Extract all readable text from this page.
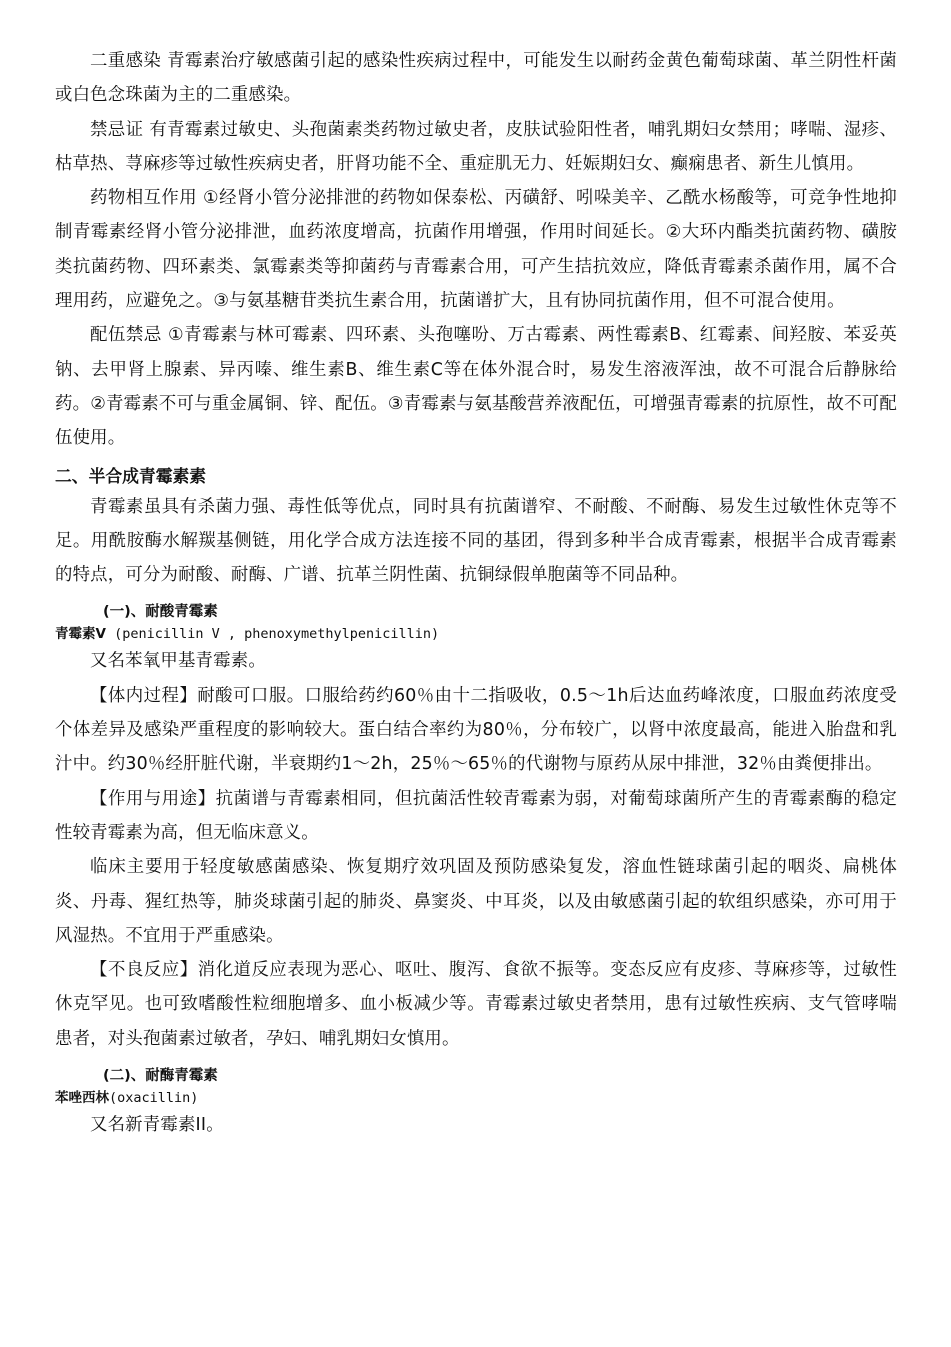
二重感染 青霉素治疗敏感菌引起的感染性疾病过程中，可能发生以耐药金黄色葡萄球菌、革兰阴性杆菌或白色念珠菌为主的二重感染。

禁忌证 有青霉素过敏史、头孢菌素类药物过敏史者，皮肤试验阳性者，哺乳期妇女禁用；哮喘、湿疹、枯草热、荨麻疹等过敏性疾病史者，肝肾功能不全、重症肌无力、妊娠期妇女、癫痫患者、新生儿慎用。

药物相互作用 ①经肾小管分泌排泄的药物如保泰松、丙磺舒、吲哚美辛、乙酰水杨酸等，可竞争性地抑制青霉素经肾小管分泌排泄，血药浓度增高，抗菌作用增强，作用时间延长。②大环内酯类抗菌药物、磺胺类抗菌药物、四环素类、氯霉素类等抑菌药与青霉素合用，可产生拮抗效应，降低青霉素杀菌作用，属不合理用药，应避免之。③与氨基糖苷类抗生素合用，抗菌谱扩大，且有协同抗菌作用，但不可混合使用。

配伍禁忌 ①青霉素与林可霉素、四环素、头孢噻吩、万古霉素、两性霉素B、红霉素、间羟胺、苯妥英钠、去甲肾上腺素、异丙嗪、维生素B、维生素C等在体外混合时，易发生溶液浑浊，故不可混合后静脉给药。②青霉素不可与重金属铜、锌、配伍。③青霉素与氨基酸营养液配伍，可增强青霉素的抗原性，故不可配伍使用。

二、半合成青霉素素

青霉素虽具有杀菌力强、毒性低等优点，同时具有抗菌谱窄、不耐酸、不耐酶、易发生过敏性休克等不足。用酰胺酶水解羰基侧链，用化学合成方法连接不同的基团，得到多种半合成青霉素，根据半合成青霉素的特点，可分为耐酸、耐酶、广谱、抗革兰阴性菌、抗铜绿假单胞菌等不同品种。

(一)、耐酸青霉素

青霉素V (penicillin V , phenoxymethylpenicillin)

又名苯氧甲基青霉素。

【体内过程】耐酸可口服。口服给药约60％由十二指吸收，0.5～1h后达血药峰浓度，口服血药浓度受个体差异及感染严重程度的影响较大。蛋白结合率约为80％，分布较广，以肾中浓度最高，能进入胎盘和乳汁中。约30％经肝脏代谢，半衰期约1～2h，25％～65％的代谢物与原药从尿中排泄，32％由粪便排出。

【作用与用途】抗菌谱与青霉素相同，但抗菌活性较青霉素为弱，对葡萄球菌所产生的青霉素酶的稳定性较青霉素为高，但无临床意义。

临床主要用于轻度敏感菌感染、恢复期疗效巩固及预防感染复发，溶血性链球菌引起的咽炎、扁桃体炎、丹毒、猩红热等，肺炎球菌引起的肺炎、鼻窦炎、中耳炎，以及由敏感菌引起的软组织感染，亦可用于风湿热。不宜用于严重感染。

【不良反应】消化道反应表现为恶心、呕吐、腹泻、食欲不振等。变态反应有皮疹、荨麻疹等，过敏性休克罕见。也可致嗜酸性粒细胞增多、血小板减少等。青霉素过敏史者禁用，患有过敏性疾病、支气管哮喘患者，对头孢菌素过敏者，孕妇、哺乳期妇女慎用。

(二)、耐酶青霉素

苯唑西林(oxacillin)

又名新青霉素II。
